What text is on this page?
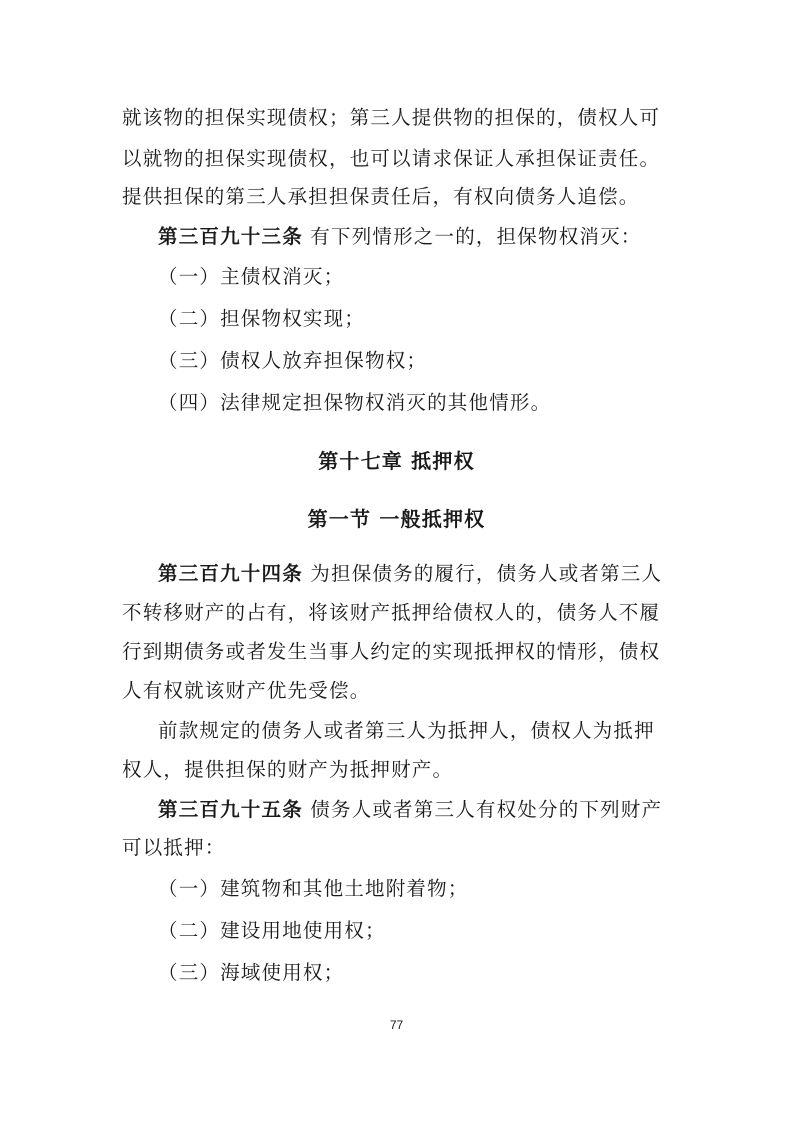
就该物的担保实现债权；第三人提供物的担保的，债权人可
以就物的担保实现债权，也可以请求保证人承担保证责任。
提供担保的第三人承担担保责任后，有权向债务人追偿。
第三百九十三条 有下列情形之一的，担保物权消灭：
（一）主债权消灭；
（二）担保物权实现；
（三）债权人放弃担保物权；
（四）法律规定担保物权消灭的其他情形。
第十七章 抵押权
第一节 一般抵押权
第三百九十四条 为担保债务的履行，债务人或者第三人
不转移财产的占有，将该财产抵押给债权人的，债务人不履
行到期债务或者发生当事人约定的实现抵押权的情形，债权
人有权就该财产优先受偿。
前款规定的债务人或者第三人为抵押人，债权人为抵押
权人，提供担保的财产为抵押财产。
第三百九十五条 债务人或者第三人有权处分的下列财产
可以抵押：
（一）建筑物和其他土地附着物；
（二）建设用地使用权；
（三）海域使用权；
77
